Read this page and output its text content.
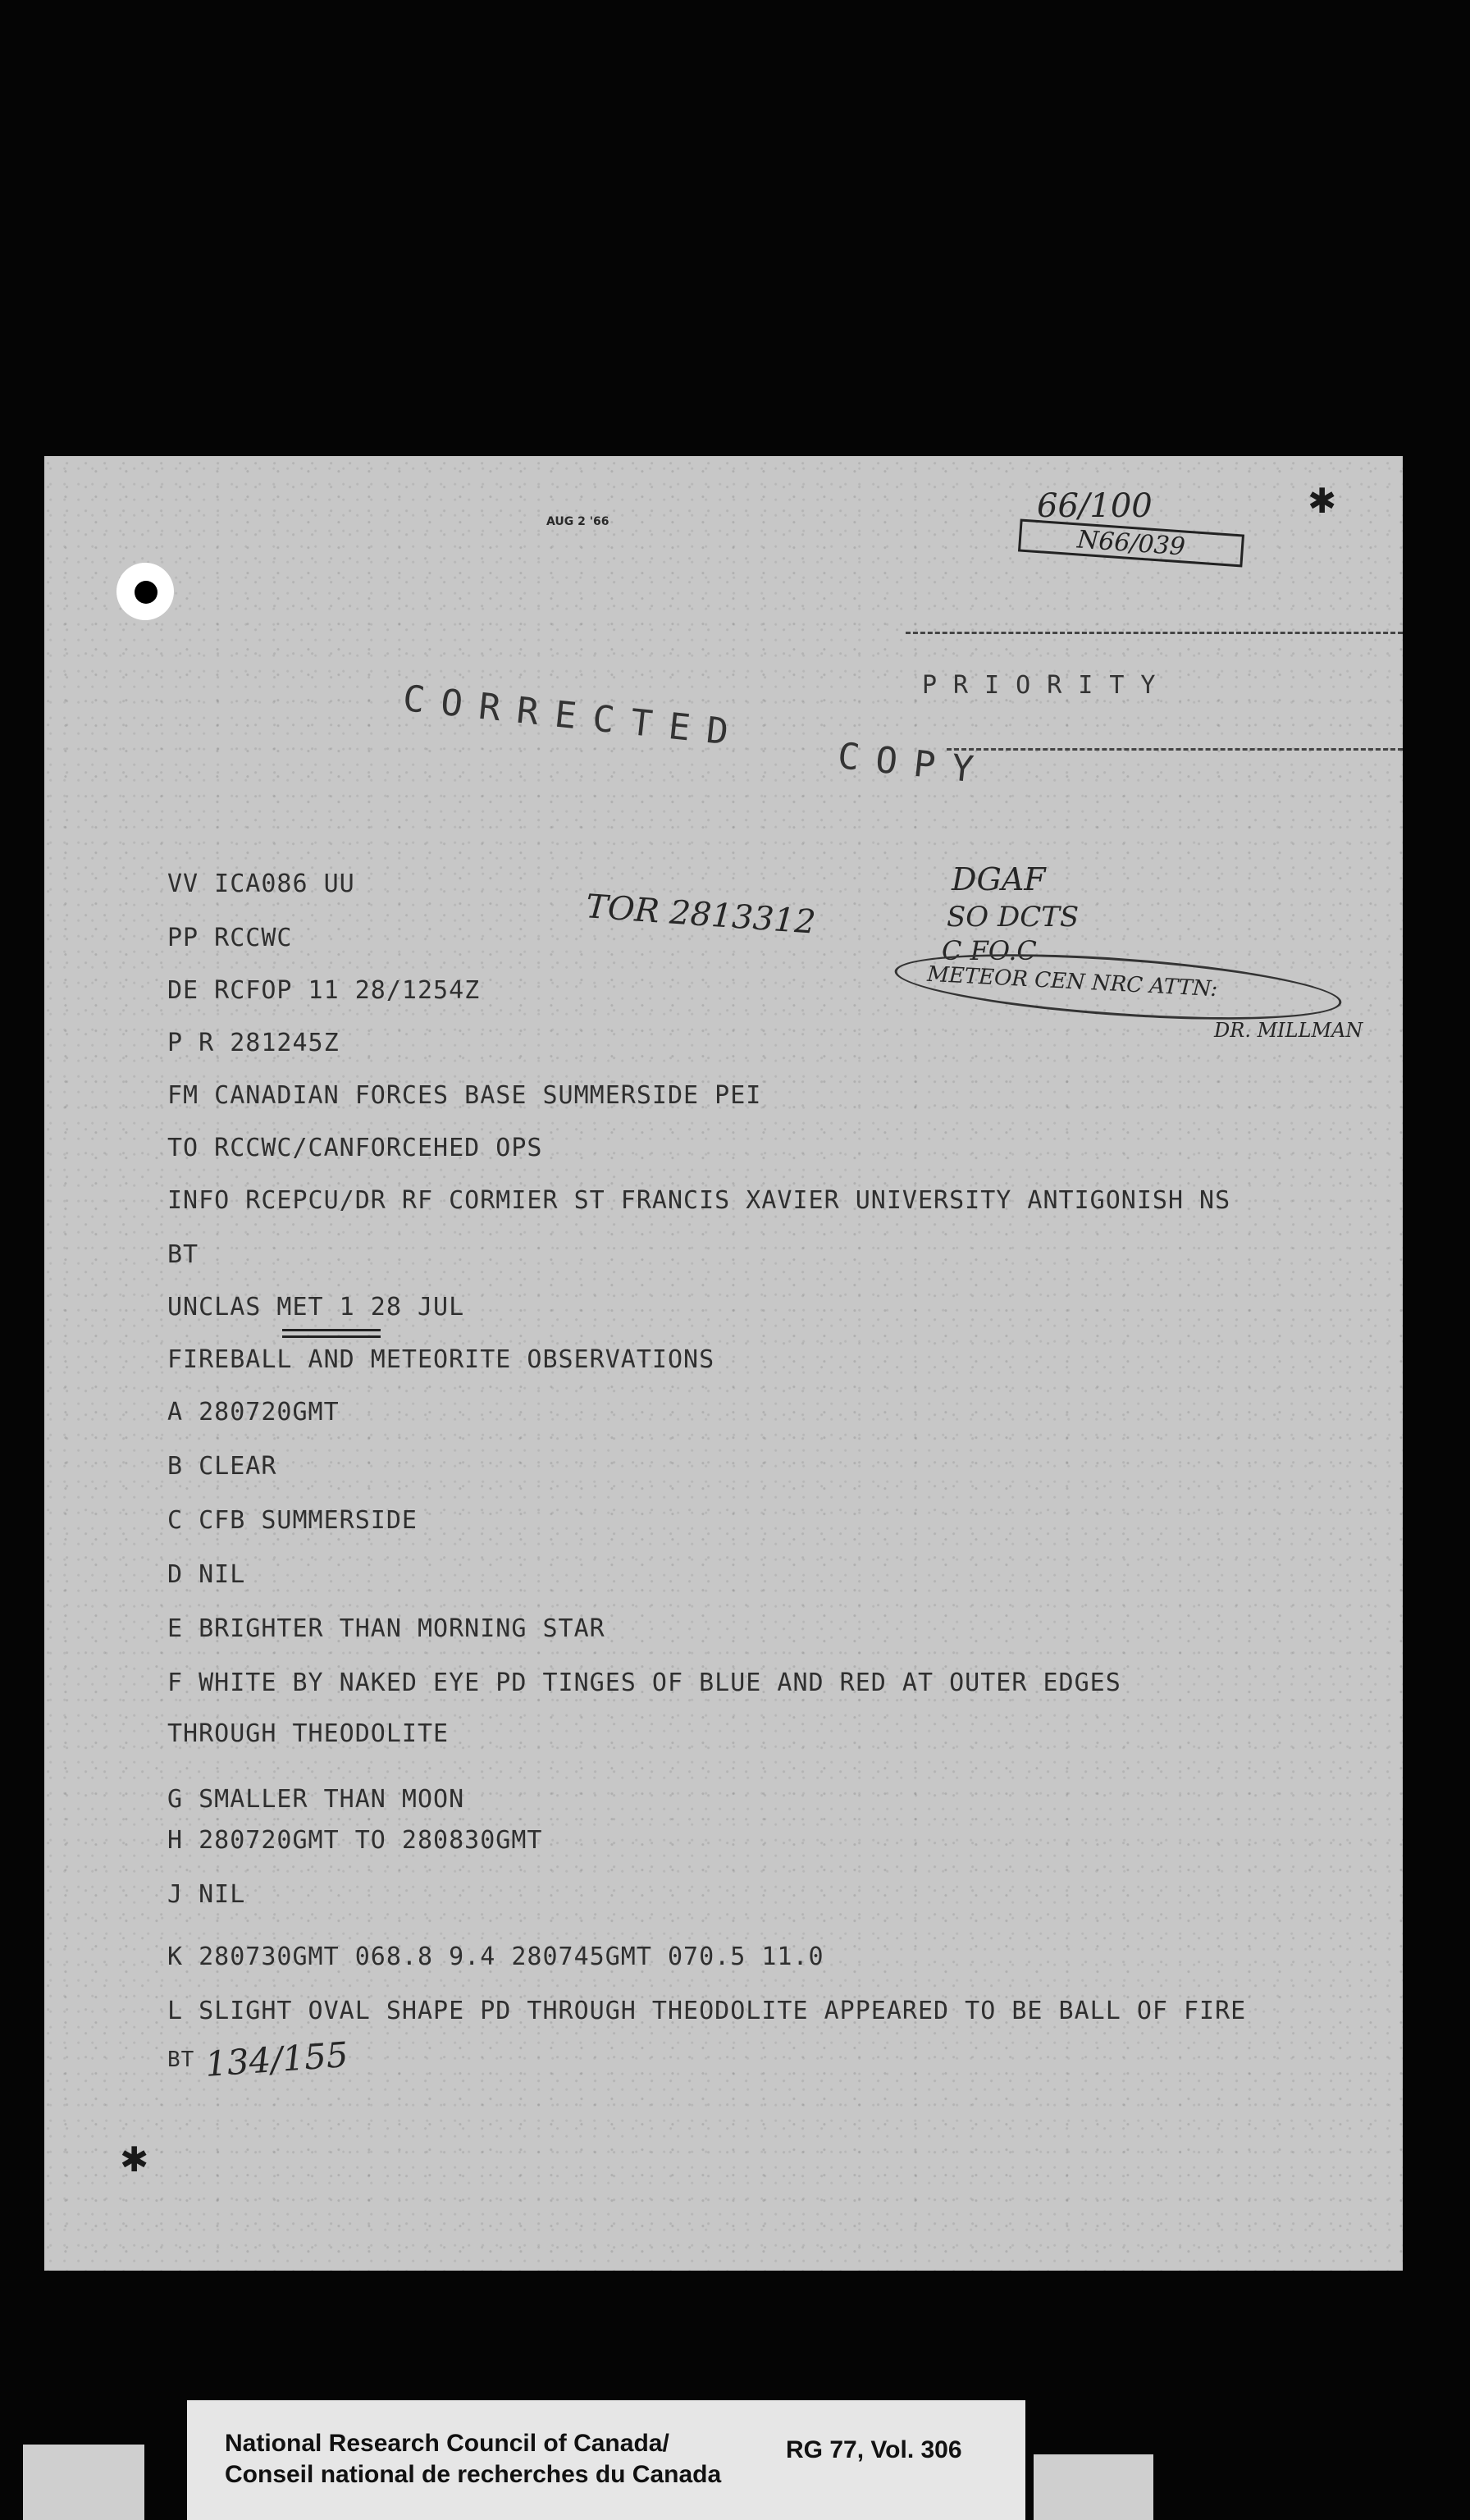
AUG 2 '66	66/100
N66/039
✱
PRIORITY
CORRECTED
COPY
TOR 2813312
DGAF
SO DCTS
C FO.C
METEOR CEN NRC ATTN:
DR. MILLMAN
VV ICA086 UU
PP RCCWC
DE RCFOP 11 28/1254Z
P R 281245Z
FM CANADIAN FORCES BASE SUMMERSIDE PEI
TO RCCWC/CANFORCEHED OPS
INFO RCEPCU/DR RF CORMIER ST FRANCIS XAVIER UNIVERSITY ANTIGONISH NS
BT
UNCLAS MET 1 28 JUL
FIREBALL AND METEORITE OBSERVATIONS
A 280720GMT
B CLEAR
C CFB SUMMERSIDE
D NIL
E BRIGHTER THAN MORNING STAR
F WHITE BY NAKED EYE PD TINGES OF BLUE AND RED AT OUTER EDGES
THROUGH THEODOLITE
G SMALLER THAN MOON
H 280720GMT TO 280830GMT
J NIL
K 280730GMT 068.8 9.4 280745GMT 070.5 11.0
L SLIGHT OVAL SHAPE PD THROUGH THEODOLITE APPEARED TO BE BALL OF FIRE
BT 134/155
✱
National Research Council of Canada/
Conseil national de recherches du Canada
RG 77, Vol. 306
